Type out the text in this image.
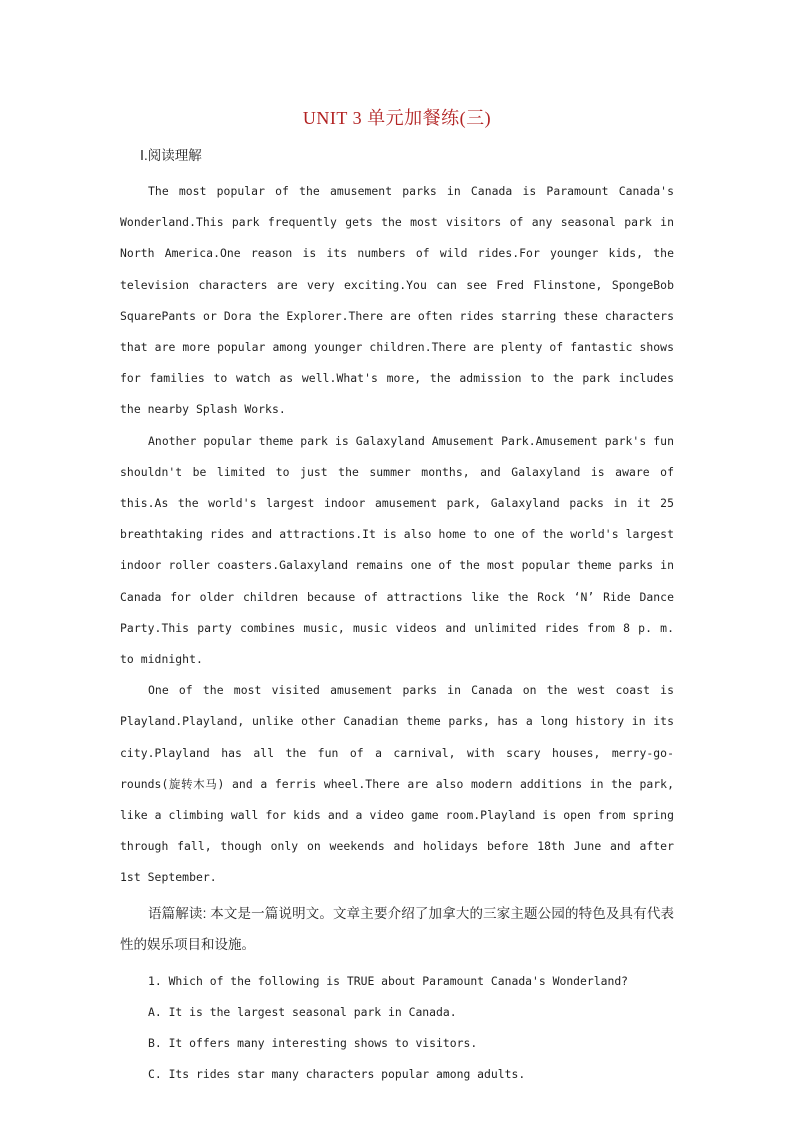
UNIT 3 单元加餐练(三)

Ⅰ.阅读理解

The most popular of the amusement parks in Canada is Paramount Canada's Wonderland.This park frequently gets the most visitors of any seasonal park in North America.One reason is its numbers of wild rides.For younger kids, the television characters are very exciting.You can see Fred Flinstone, SpongeBob SquarePants or Dora the Explorer.There are often rides starring these characters that are more popular among younger children.There are plenty of fantastic shows for families to watch as well.What's more, the admission to the park includes the nearby Splash Works.

Another popular theme park is Galaxyland Amusement Park.Amusement park's fun shouldn't be limited to just the summer months, and Galaxyland is aware of this.As the world's largest indoor amusement park, Galaxyland packs in it 25 breathtaking rides and attractions.It is also home to one of the world's largest indoor roller coasters.Galaxyland remains one of the most popular theme parks in Canada for older children because of attractions like the Rock ‘N’ Ride Dance Party.This party combines music, music videos and unlimited rides from 8 p. m. to midnight.

One of the most visited amusement parks in Canada on the west coast is Playland.Playland, unlike other Canadian theme parks, has a long history in its city.Playland has all the fun of a carnival, with scary houses, merry-go-rounds(旋转木马) and a ferris wheel.There are also modern additions in the park, like a climbing wall for kids and a video game room.Playland is open from spring through fall, though only on weekends and holidays before 18th June and after 1st September.

语篇解读: 本文是一篇说明文。文章主要介绍了加拿大的三家主题公园的特色及具有代表性的娱乐项目和设施。

1. Which of the following is TRUE about Paramount Canada's Wonderland?

A. It is the largest seasonal park in Canada.

B. It offers many interesting shows to visitors.

C. Its rides star many characters popular among adults.
